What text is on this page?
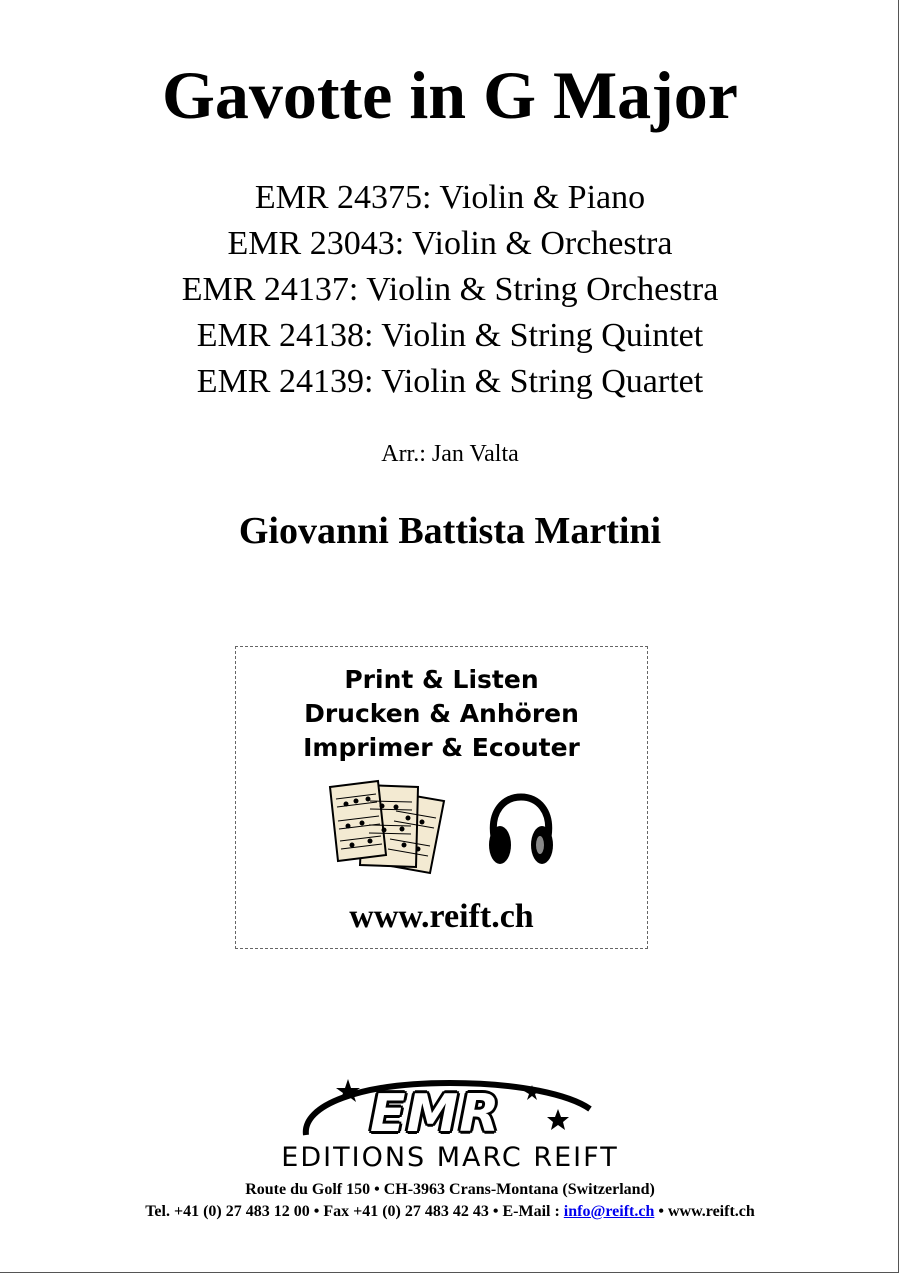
Gavotte in G Major
EMR 24375: Violin & Piano
EMR 23043: Violin & Orchestra
EMR 24137: Violin & String Orchestra
EMR 24138: Violin & String Quintet
EMR 24139: Violin & String Quartet
Arr.: Jan Valta
Giovanni Battista Martini
Print & Listen
Drucken & Anhören
Imprimer & Ecouter
www.reift.ch
EMR
EDITIONS MARC REIFT
Route du Golf 150 • CH-3963 Crans-Montana (Switzerland)
Tel. +41 (0) 27 483 12 00 • Fax +41 (0) 27 483 42 43 • E-Mail : info@reift.ch • www.reift.ch
